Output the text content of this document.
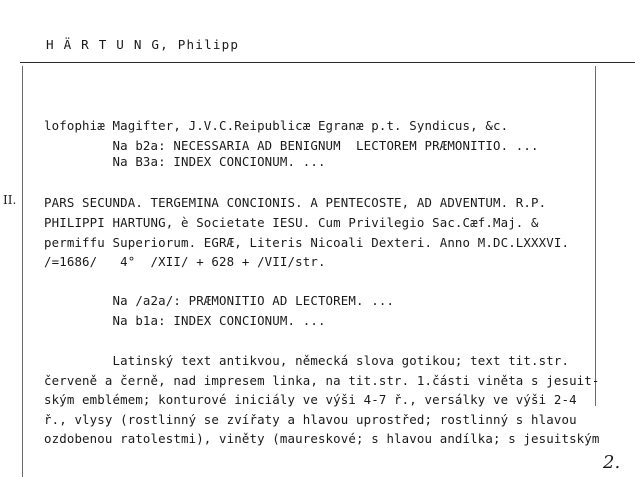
H Ä R T U N G, Philipp
II.
lofophiæ Magifter, J.V.C.Reipublicæ Egranæ p.t. Syndicus, &c.
Na b2a: NECESSARIA AD BENIGNUM  LECTOREM PRÆMONITIO. ...
Na B3a: INDEX CONCIONUM. ...
PARS SECUNDA. TERGEMINA CONCIONIS. A PENTECOSTE, AD ADVENTUM. R.P.
PHILIPPI HARTUNG, è Societate IESU. Cum Privilegio Sac.Cæf.Maj. &
permiffu Superiorum. EGRÆ, Literis Nicoali Dexteri. Anno M.DC.LXXXVI.
/=1686/   4°  /XII/ + 628 + /VII/str.
Na /a2a/: PRÆMONITIO AD LECTOREM. ...
Na b1a: INDEX CONCIONUM. ...
Latinský text antikvou, německá slova gotikou; text tit.str.
červeně a černě, nad impresem linka, na tit.str. 1.části viněta s jesuit-
ským emblémem; konturové iniciály ve výši 4-7 ř., versálky ve výši 2-4
ř., vlysy (rostlinný se zvířaty a hlavou uprostřed; rostlinný s hlavou
ozdobenou ratolestmi), viněty (maureskové; s hlavou andílka; s jesuitským
2.
